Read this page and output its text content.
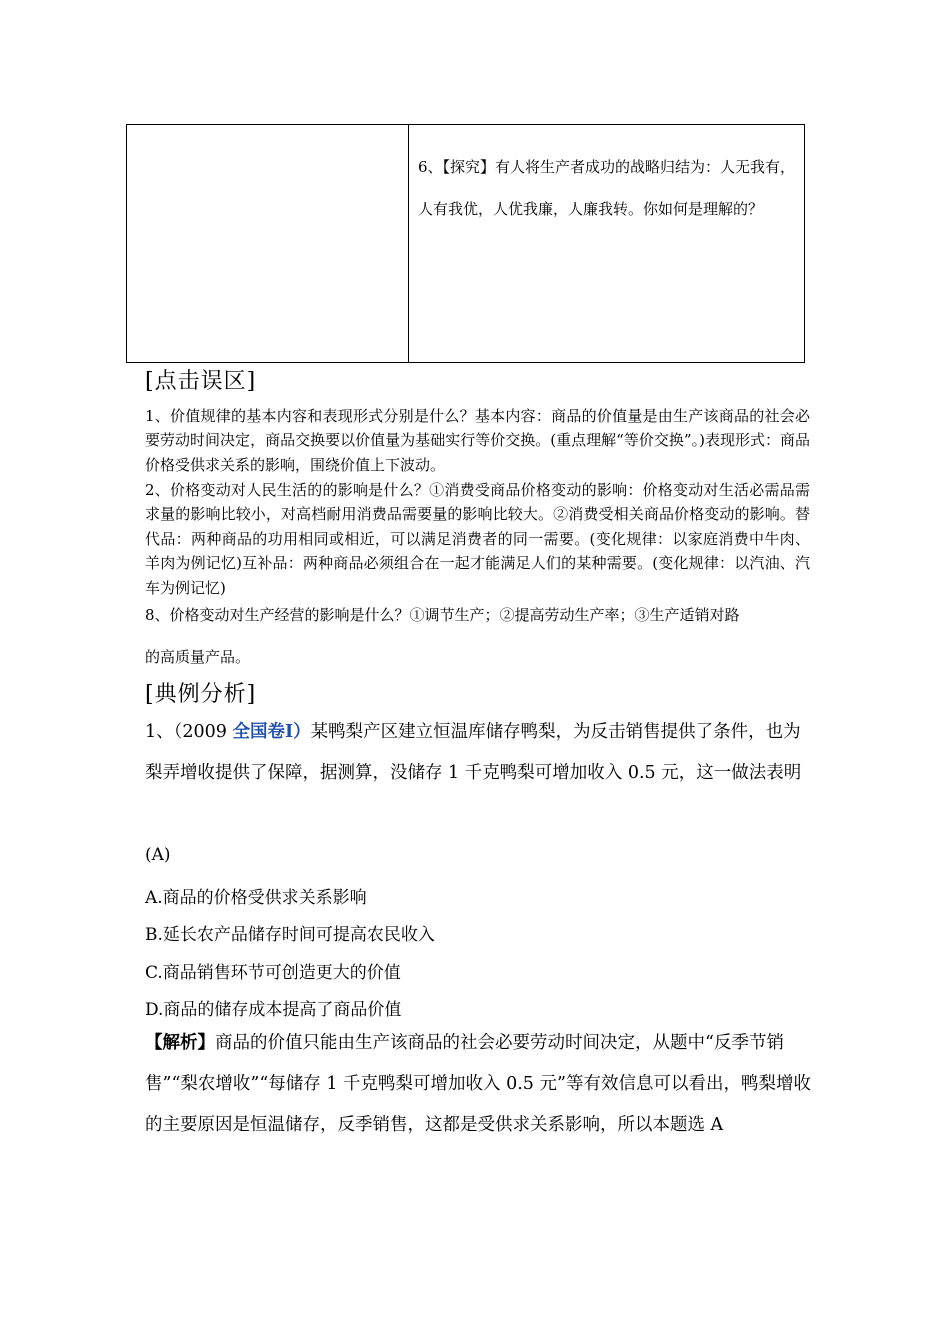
6、【探究】有人将生产者成功的战略归结为：人无我有，人有我优，人优我廉，人廉我转。你如何是理解的？
[点击误区]
1、价值规律的基本内容和表现形式分别是什么？基本内容：商品的价值量是由生产该商品的社会必要劳动时间决定，商品交换要以价值量为基础实行等价交换。(重点理解“等价交换”。)表现形式：商品价格受供求关系的影响，围绕价值上下波动。
2、价格变动对人民生活的的影响是什么？①消费受商品价格变动的影响：价格变动对生活必需品需求量的影响比较小，对高档耐用消费品需要量的影响比较大。②消费受相关商品价格变动的影响。替代品：两种商品的功用相同或相近，可以满足消费者的同一需要。(变化规律：以家庭消费中牛肉、羊肉为例记忆)互补品：两种商品必须组合在一起才能满足人们的某种需要。(变化规律：以汽油、汽车为例记忆)
8、价格变动对生产经营的影响是什么？①调节生产；②提高劳动生产率；③生产适销对路
的高质量产品。
[典例分析]
1、（2009 全国卷Ⅰ）某鸭梨产区建立恒温库储存鸭梨，为反击销售提供了条件，也为梨弄增收提供了保障，据测算，没储存 1 千克鸭梨可增加收入 0.5 元，这一做法表明
(A)
A.商品的价格受供求关系影响
B.延长农产品储存时间可提高农民收入
C.商品销售环节可创造更大的价值
D.商品的储存成本提高了商品价值
【解析】商品的价值只能由生产该商品的社会必要劳动时间决定，从题中“反季节销售”“梨农增收”“每储存 1 千克鸭梨可增加收入 0.5 元”等有效信息可以看出，鸭梨增收的主要原因是恒温储存，反季销售，这都是受供求关系影响，所以本题选 A
